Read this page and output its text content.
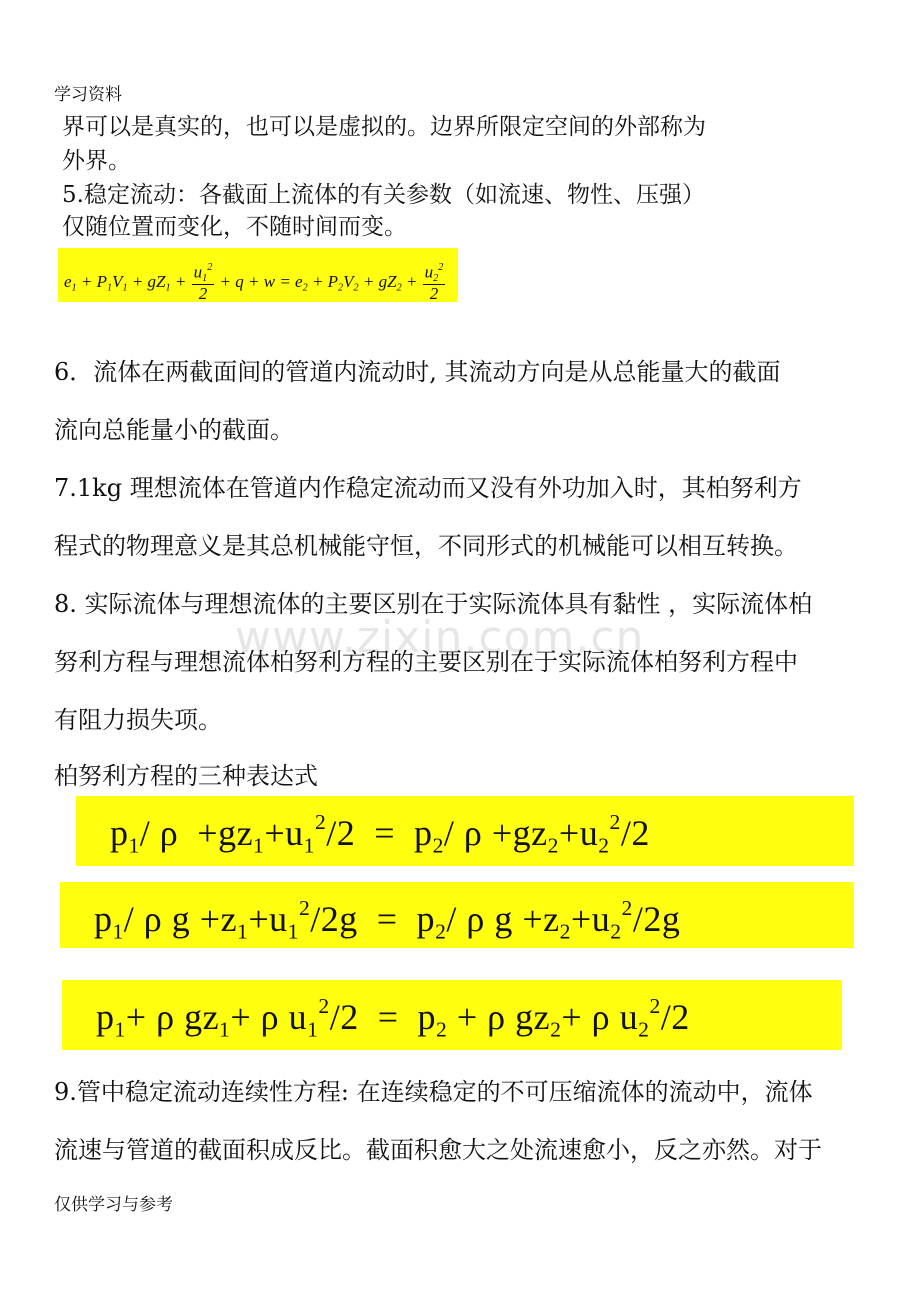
学习资料
界可以是真实的，也可以是虚拟的。边界所限定空间的外部称为
外界。
5.稳定流动：各截面上流体的有关参数（如流速、物性、压强）
仅随位置而变化，不随时间而变。
$e_1 + P_1V_1 + gZ_1 + \frac{u_1^2}{2} + q + w = e_2 + P_2V_2 + gZ_2 + \frac{u_2^2}{2}$
6．流体在两截面间的管道内流动时, 其流动方向是从总能量大的截面
流向总能量小的截面。
7.1kg 理想流体在管道内作稳定流动而又没有外功加入时，其柏努利方
程式的物理意义是其总机械能守恒，不同形式的机械能可以相互转换。
www.zixin.com.cn
8. 实际流体与理想流体的主要区别在于实际流体具有黏性 ，实际流体柏
努利方程与理想流体柏努利方程的主要区别在于实际流体柏努利方程中
有阻力损失项。
柏努利方程的三种表达式
$p_1/$ $\rho +gz_1+u_1^2/2 = p_2/$ $\rho +gz_2+u_2^2/2$
$p_1/$ ρ $g +z_1+u_1^2/2g = p_2/$ ρ $g +z_2+u_2^2/2g$
$p_1+ \rho$ $gz_1+ \rho$ $u_1^2/2 = p_2 + \rho$ $gz_2+ \rho$ $u_2^2/2$
9.管中稳定流动连续性方程: 在连续稳定的不可压缩流体的流动中，流体
流速与管道的截面积成反比。截面积愈大之处流速愈小，反之亦然。对于
仅供学习与参考
